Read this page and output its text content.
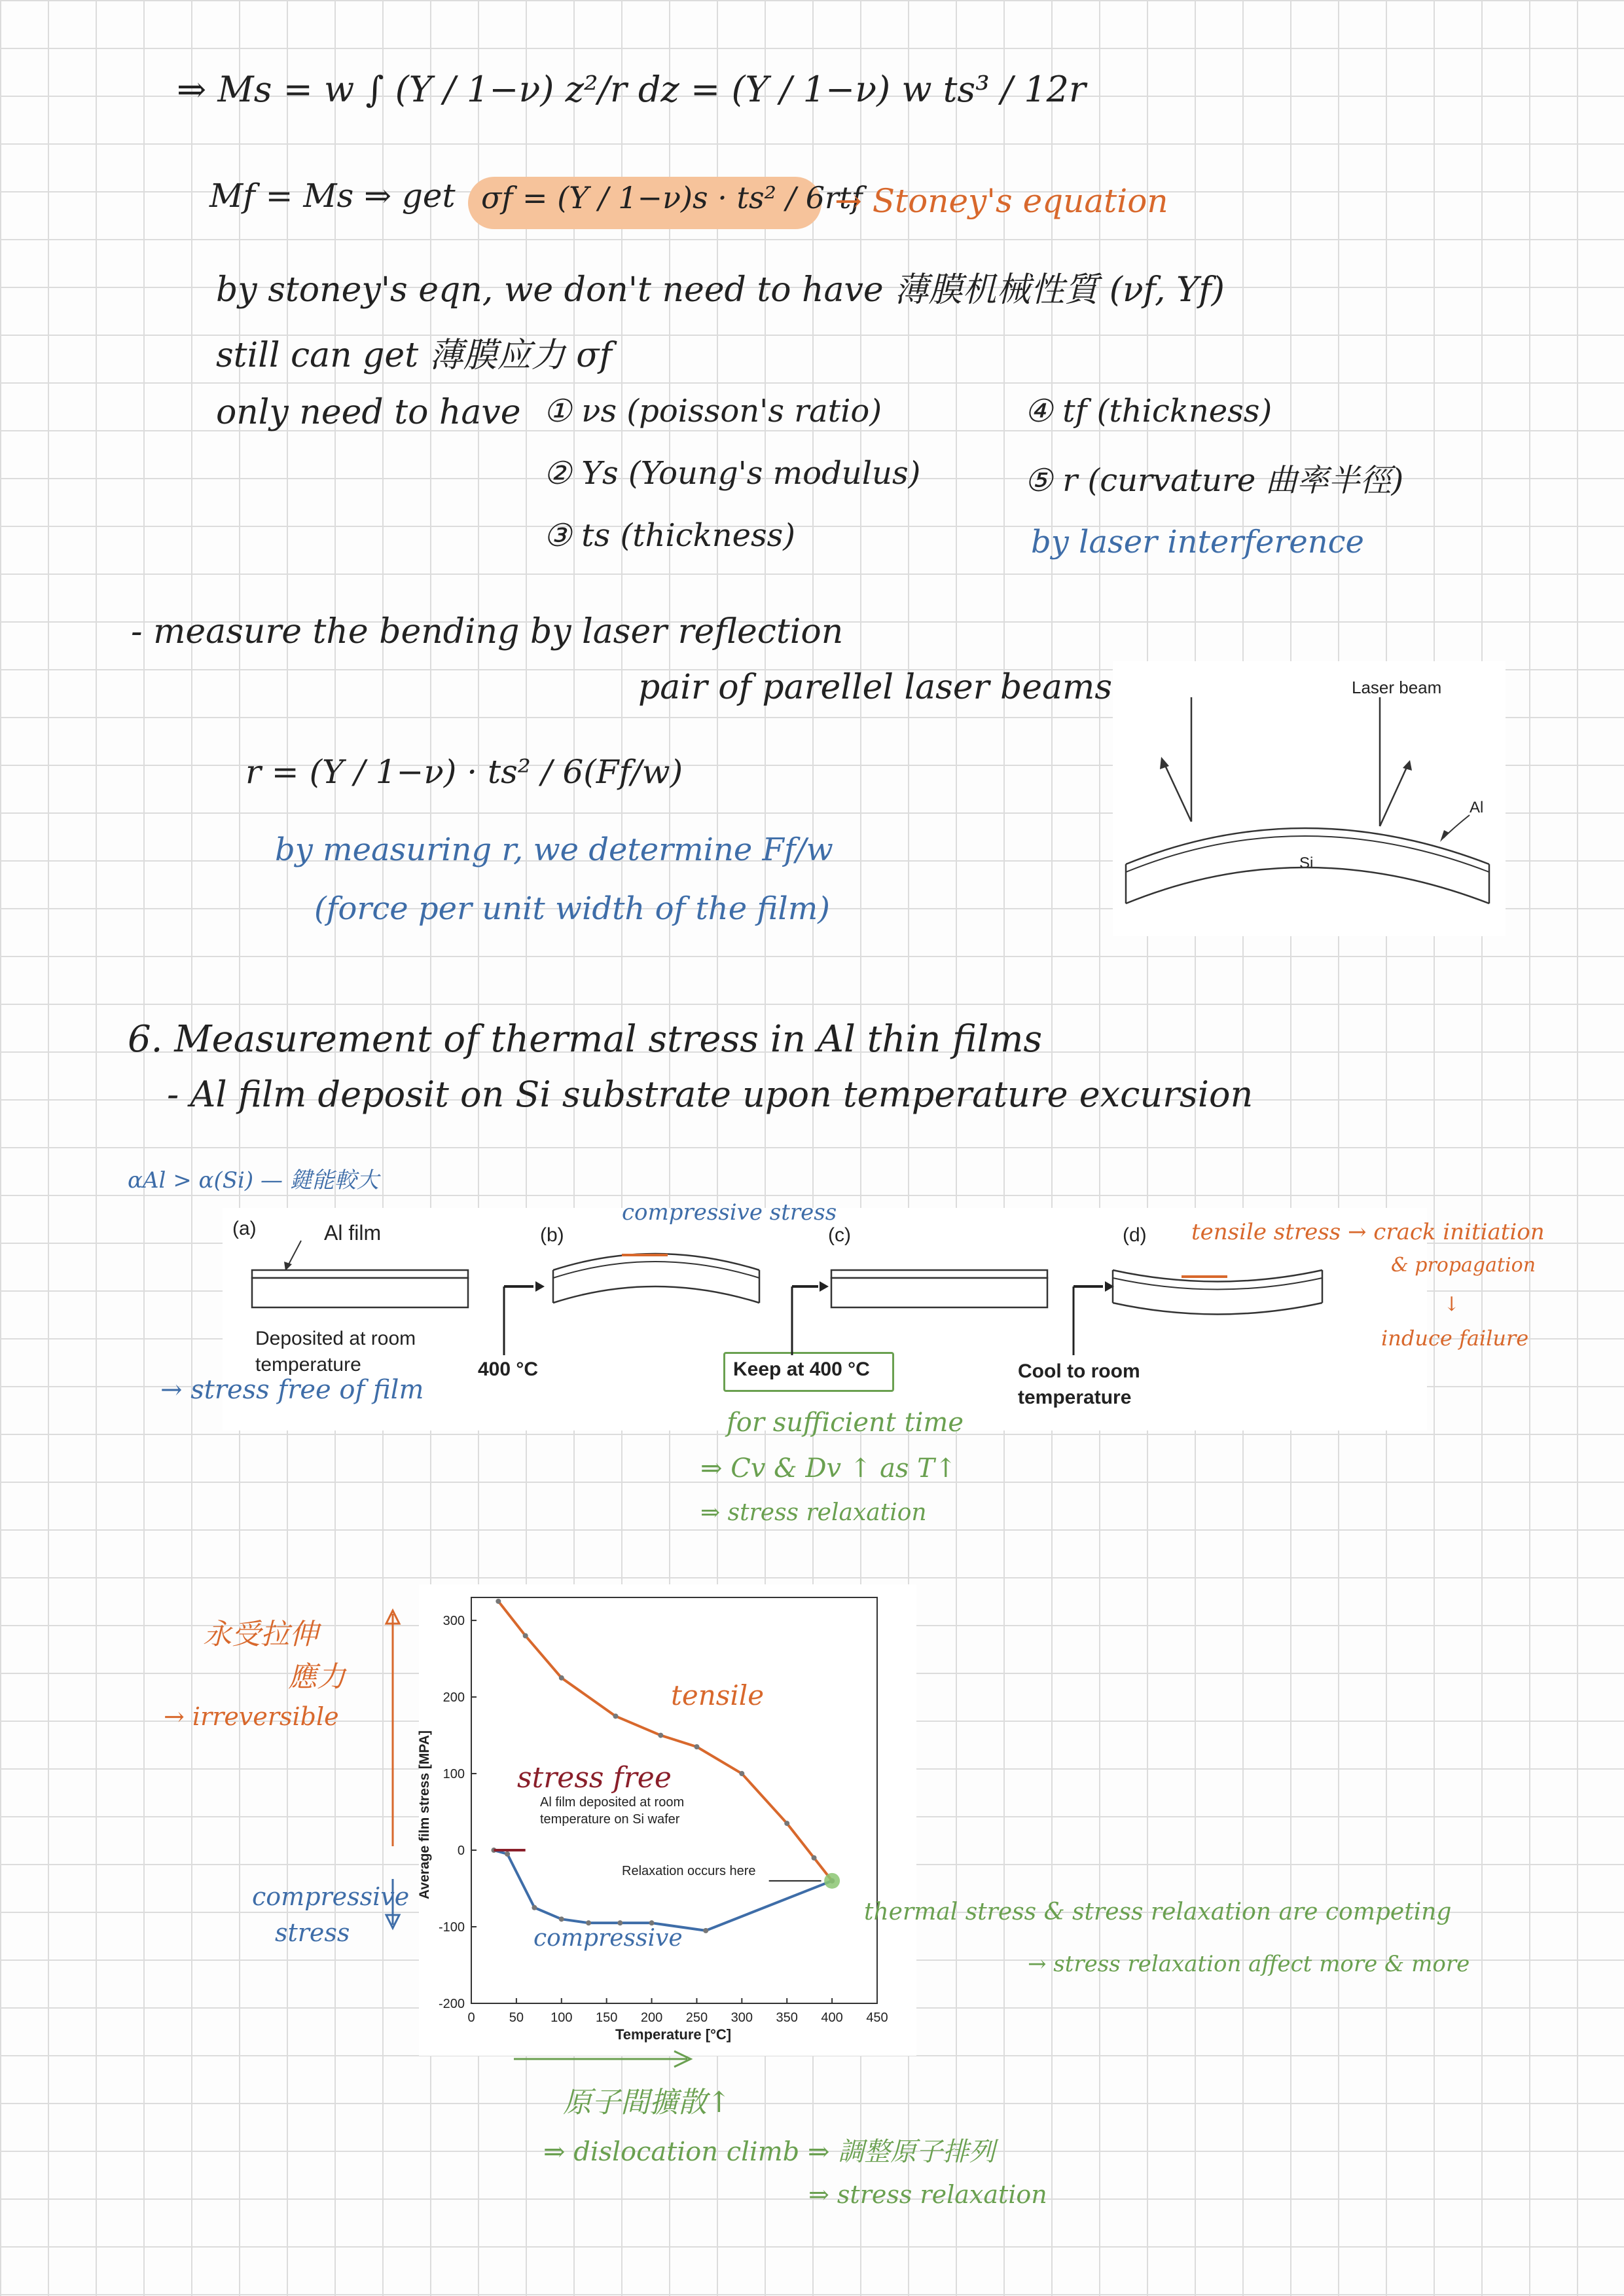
⇒ Ms = w ∫ (Y / 1−ν) z²/r dz = (Y / 1−ν) w ts³ / 12r
Mf = Ms ⇒ get σf = (Y / 1−ν)s · ts² / 6rtf
→ Stoney's equation
by stoney's eqn, we don't need to have 薄膜机械性質 (νf, Yf)
still can get 薄膜应力 σf
only need to have ① νs (poisson's ratio)
② Ys (Young's modulus)
③ ts (thickness)
④ tf (thickness)
⑤ r (curvature 曲率半徑)
by laser interference
- measure the bending by laser reflection
pair of parellel laser beams
r = (Y / 1−ν) · ts² / 6(Ff/w)
by measuring r, we determine Ff/w
(force per unit width of the film)
Laser beam
Al
Si
6. Measurement of thermal stress in Al thin films
- Al film deposit on Si substrate upon temperature excursion
αAl > α(Si) — 鍵能較大
(a)	(b)	(c)	(d)
Al film
Deposited at room
temperature	400 °C	Keep at 400 °C	Cool to room
temperature
compressive stress
tensile stress → crack initiation
& propagation
↓
induce failure
→ stress free of film
for sufficient time
⇒ Cv & Dv ↑ as T↑
⇒ stress relaxation
0	50 100 150 200 250 300 350 400 450
300
200
100
0
-100
-200
Al film deposited at room temperature on Si wafer
Relaxation occurs here
Temperature [°C]
Average film stress [MPA]
永受拉伸
應力
→ irreversible
tensile
stress free
compressive
compressive
stress
thermal stress & stress relaxation are competing
→ stress relaxation affect more & more
原子間擴散↑
⇒ dislocation climb ⇒ 調整原子排列
⇒ stress relaxation
